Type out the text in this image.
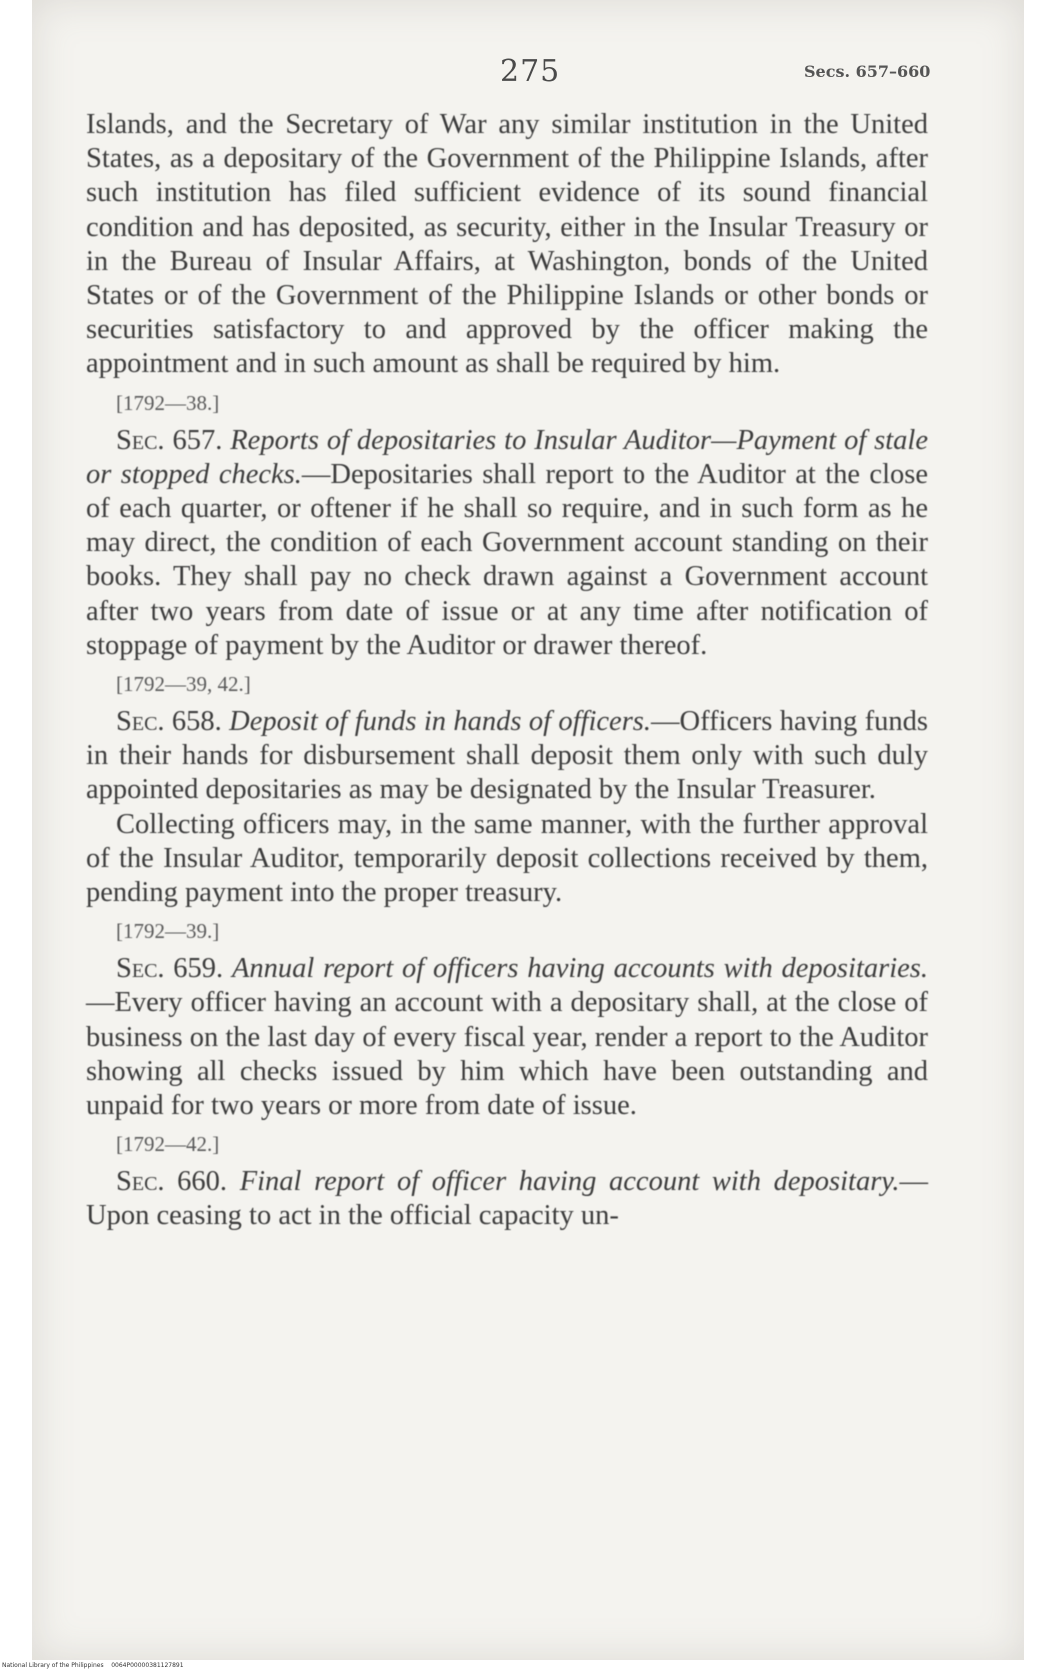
275	Secs. 657–660

Islands, and the Secretary of War any similar institution in the United States, as a depositary of the Government of the Philippine Islands, after such institution has filed sufficient evidence of its sound financial condition and has deposited, as security, either in the Insular Treasury or in the Bureau of Insular Affairs, at Washington, bonds of the United States or of the Government of the Philippine Islands or other bonds or securities satisfactory to and approved by the officer making the appointment and in such amount as shall be required by him.

[1792—38.]

Sec. 657. Reports of depositaries to Insular Auditor—Payment of stale or stopped checks.—Depositaries shall report to the Auditor at the close of each quarter, or oftener if he shall so require, and in such form as he may direct, the condition of each Government account standing on their books. They shall pay no check drawn against a Government account after two years from date of issue or at any time after notification of stoppage of payment by the Auditor or drawer thereof.

[1792—39, 42.]

Sec. 658. Deposit of funds in hands of officers.—Officers having funds in their hands for disbursement shall deposit them only with such duly appointed depositaries as may be designated by the Insular Treasurer.

Collecting officers may, in the same manner, with the further approval of the Insular Auditor, temporarily deposit collections received by them, pending payment into the proper treasury.

[1792—39.]

Sec. 659. Annual report of officers having accounts with depositaries.—Every officer having an account with a depositary shall, at the close of business on the last day of every fiscal year, render a report to the Auditor showing all checks issued by him which have been outstanding and unpaid for two years or more from date of issue.

[1792—42.]

Sec. 660. Final report of officer having account with depositary.—Upon ceasing to act in the official capacity un-

National Library of the Philippines 0064P00000381127891
